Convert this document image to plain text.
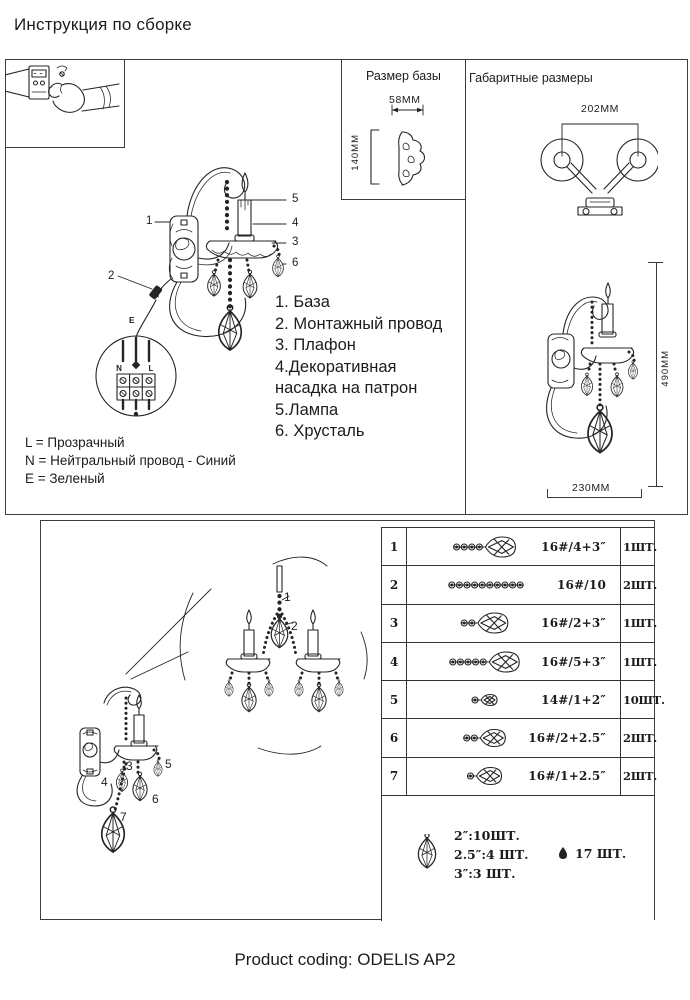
Инструкция по сборке
1
2
5
4
3
6
E
N	L
1. База
2. Монтажный провод
3. Плафон
4.Декоративная
насадка на патрон
5.Лампа
6. Хрусталь
L = Прозрачный
N = Нейтральный провод - Синий
E = Зеленый
Размер базы
58MM
140MM
Габаритные размеры
202MM
490MM
230MM
1
2
3
4
5
6
7
1	16#/4+3″ 1ШТ.
2	16#/10 2ШТ.
3	16#/2+3″ 1ШТ.
4	16#/5+3″ 1ШТ.
5	14#/1+2″ 10ШТ.
6	16#/2+2.5″ 2ШТ.
7	16#/1+2.5″ 2ШТ.
2″:10ШТ.
2.5″:4 ШТ.
3″:3 ШТ.
17 ШТ.
Product coding: ODELIS AP2
